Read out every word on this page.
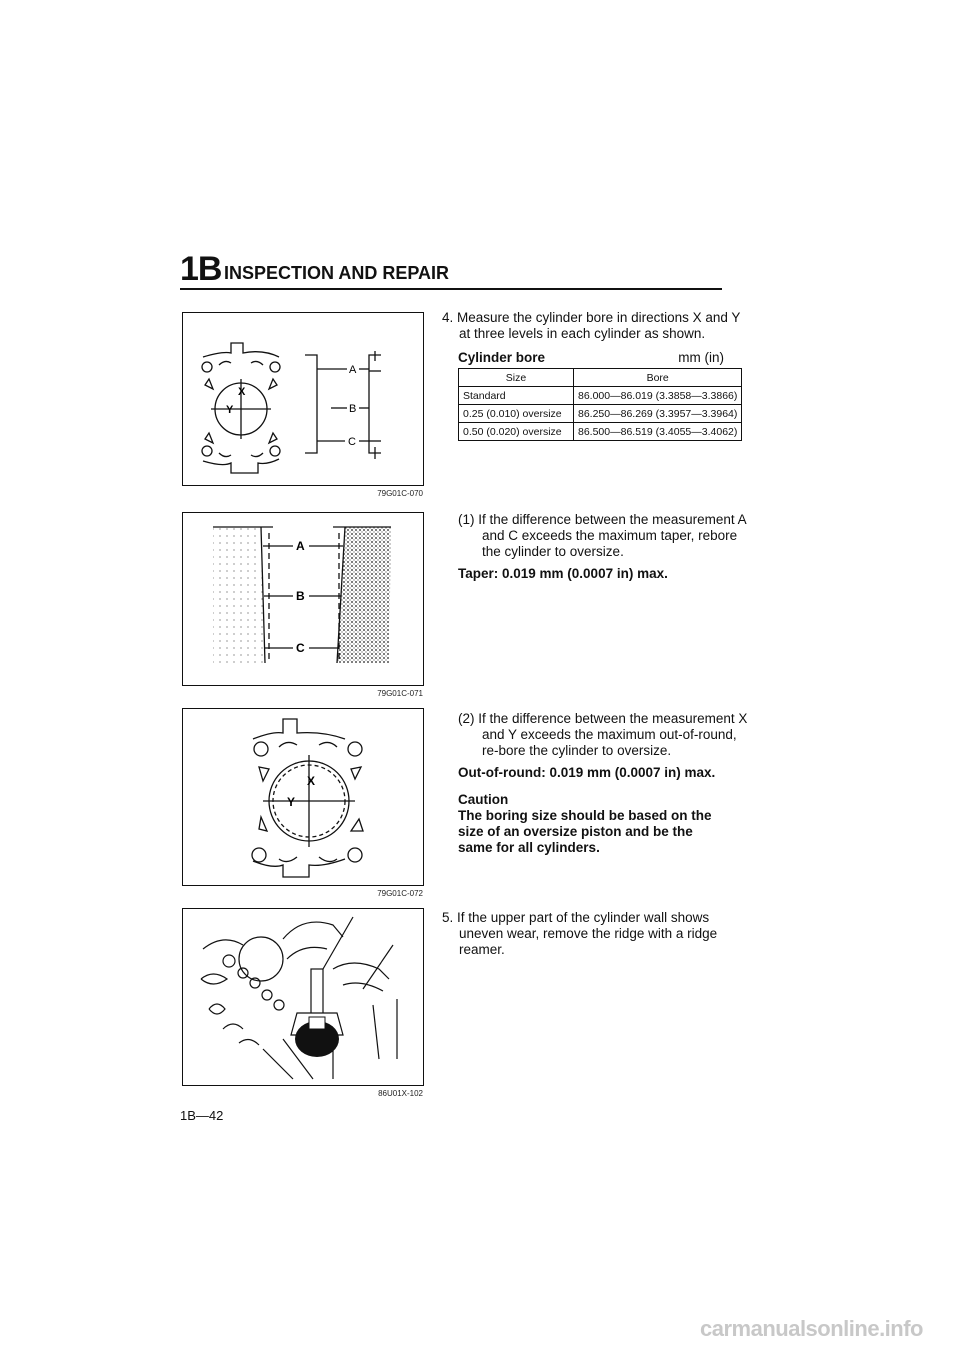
1B INSPECTION AND REPAIR
X
Y
A
B
C
79G01C-070
A
B
C
79G01C-071
X
Y
79G01C-072
86U01X-102
4. Measure the cylinder bore in directions X and Y at three levels in each cylinder as shown.
Cylinder bore	mm (in)
Size	Bore
Standard	86.000—86.019 (3.3858—3.3866)
0.25 (0.010) oversize	86.250—86.269 (3.3957—3.3964)
0.50 (0.020) oversize	86.500—86.519 (3.4055—3.4062)
(1) If the difference between the measurement A and C exceeds the maximum taper, rebore the cylinder to oversize.
Taper: 0.019 mm (0.0007 in) max.
(2) If the difference between the measurement X and Y exceeds the maximum out-of-round, re-bore the cylinder to oversize.
Out-of-round: 0.019 mm (0.0007 in) max.
Caution
The boring size should be based on the size of an oversize piston and be the same for all cylinders.
5. If the upper part of the cylinder wall shows uneven wear, remove the ridge with a ridge reamer.
1B—42
carmanualsonline.info
